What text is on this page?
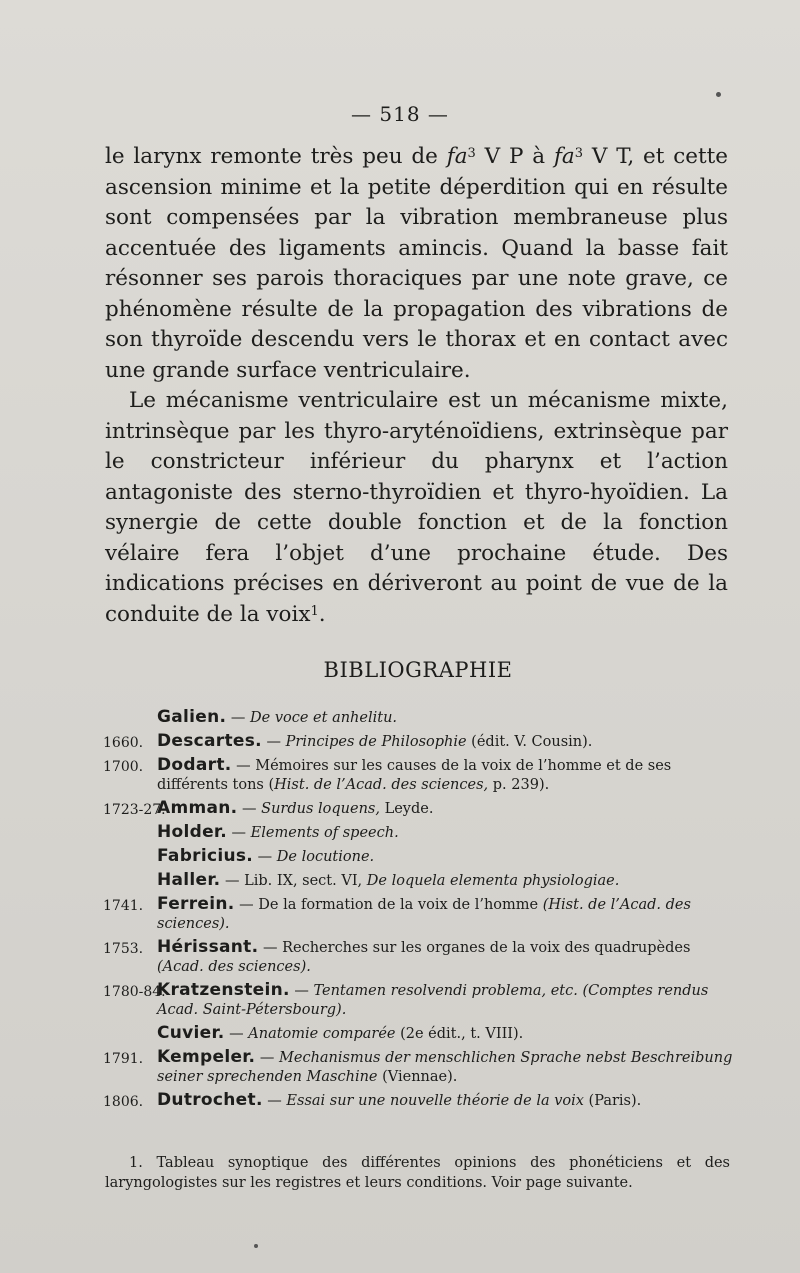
— 518 —

le larynx remonte très peu de $fa^3$ V P à $fa^3$ V T, et cette ascension minime et la petite déperdition qui en résulte sont compensées par la vibration membraneuse plus accentuée des ligaments amincis. Quand la basse fait résonner ses parois thoraciques par une note grave, ce phénomène résulte de la propagation des vibrations de son thyroïde descendu vers le thorax et en contact avec une grande surface ventriculaire.

Le mécanisme ventriculaire est un mécanisme mixte, intrinsèque par les thyro-aryténoïdiens, extrinsèque par le constricteur inférieur du pharynx et l’action antagoniste des sterno-thyroïdien et thyro-hyoïdien. La synergie de cette double fonction et de la fonction vélaire fera l’objet d’une prochaine étude. Des indications précises en dériveront au point de vue de la conduite de la voix$^1$.

BIBLIOGRAPHIE
Galien. — De voce et anhelitu.
1660. Descartes. — Principes de Philosophie (édit. V. Cousin).
1700. Dodart. — Mémoires sur les causes de la voix de l’homme et de ses différents tons (Hist. de l’Acad. des sciences, p. 239).
1723-27.
Amman. — Surdus loquens, Leyde.
Holder. — Elements of speech.
Fabricius. — De locutione.
Haller. — Lib. IX, sect. VI, De loquela elementa physiologiae.
1741. Ferrein. — De la formation de la voix de l’homme (Hist. de l’Acad. des sciences).
1753. Hérissant. — Recherches sur les organes de la voix des quadrupèdes (Acad. des sciences).
1780-84.
Kratzenstein. — Tentamen resolvendi problema, etc. (Comptes rendus Acad. Saint-Pétersbourg).
Cuvier. — Anatomie comparée (2e édit., t. VIII).
1791. Kempeler. — Mechanismus der menschlichen Sprache nebst Beschreibung seiner sprechenden Maschine (Viennae).
1806. Dutrochet. — Essai sur une nouvelle théorie de la voix (Paris).
1. Tableau synoptique des différentes opinions des phonéticiens et des laryngologistes sur les registres et leurs conditions. Voir page suivante.
